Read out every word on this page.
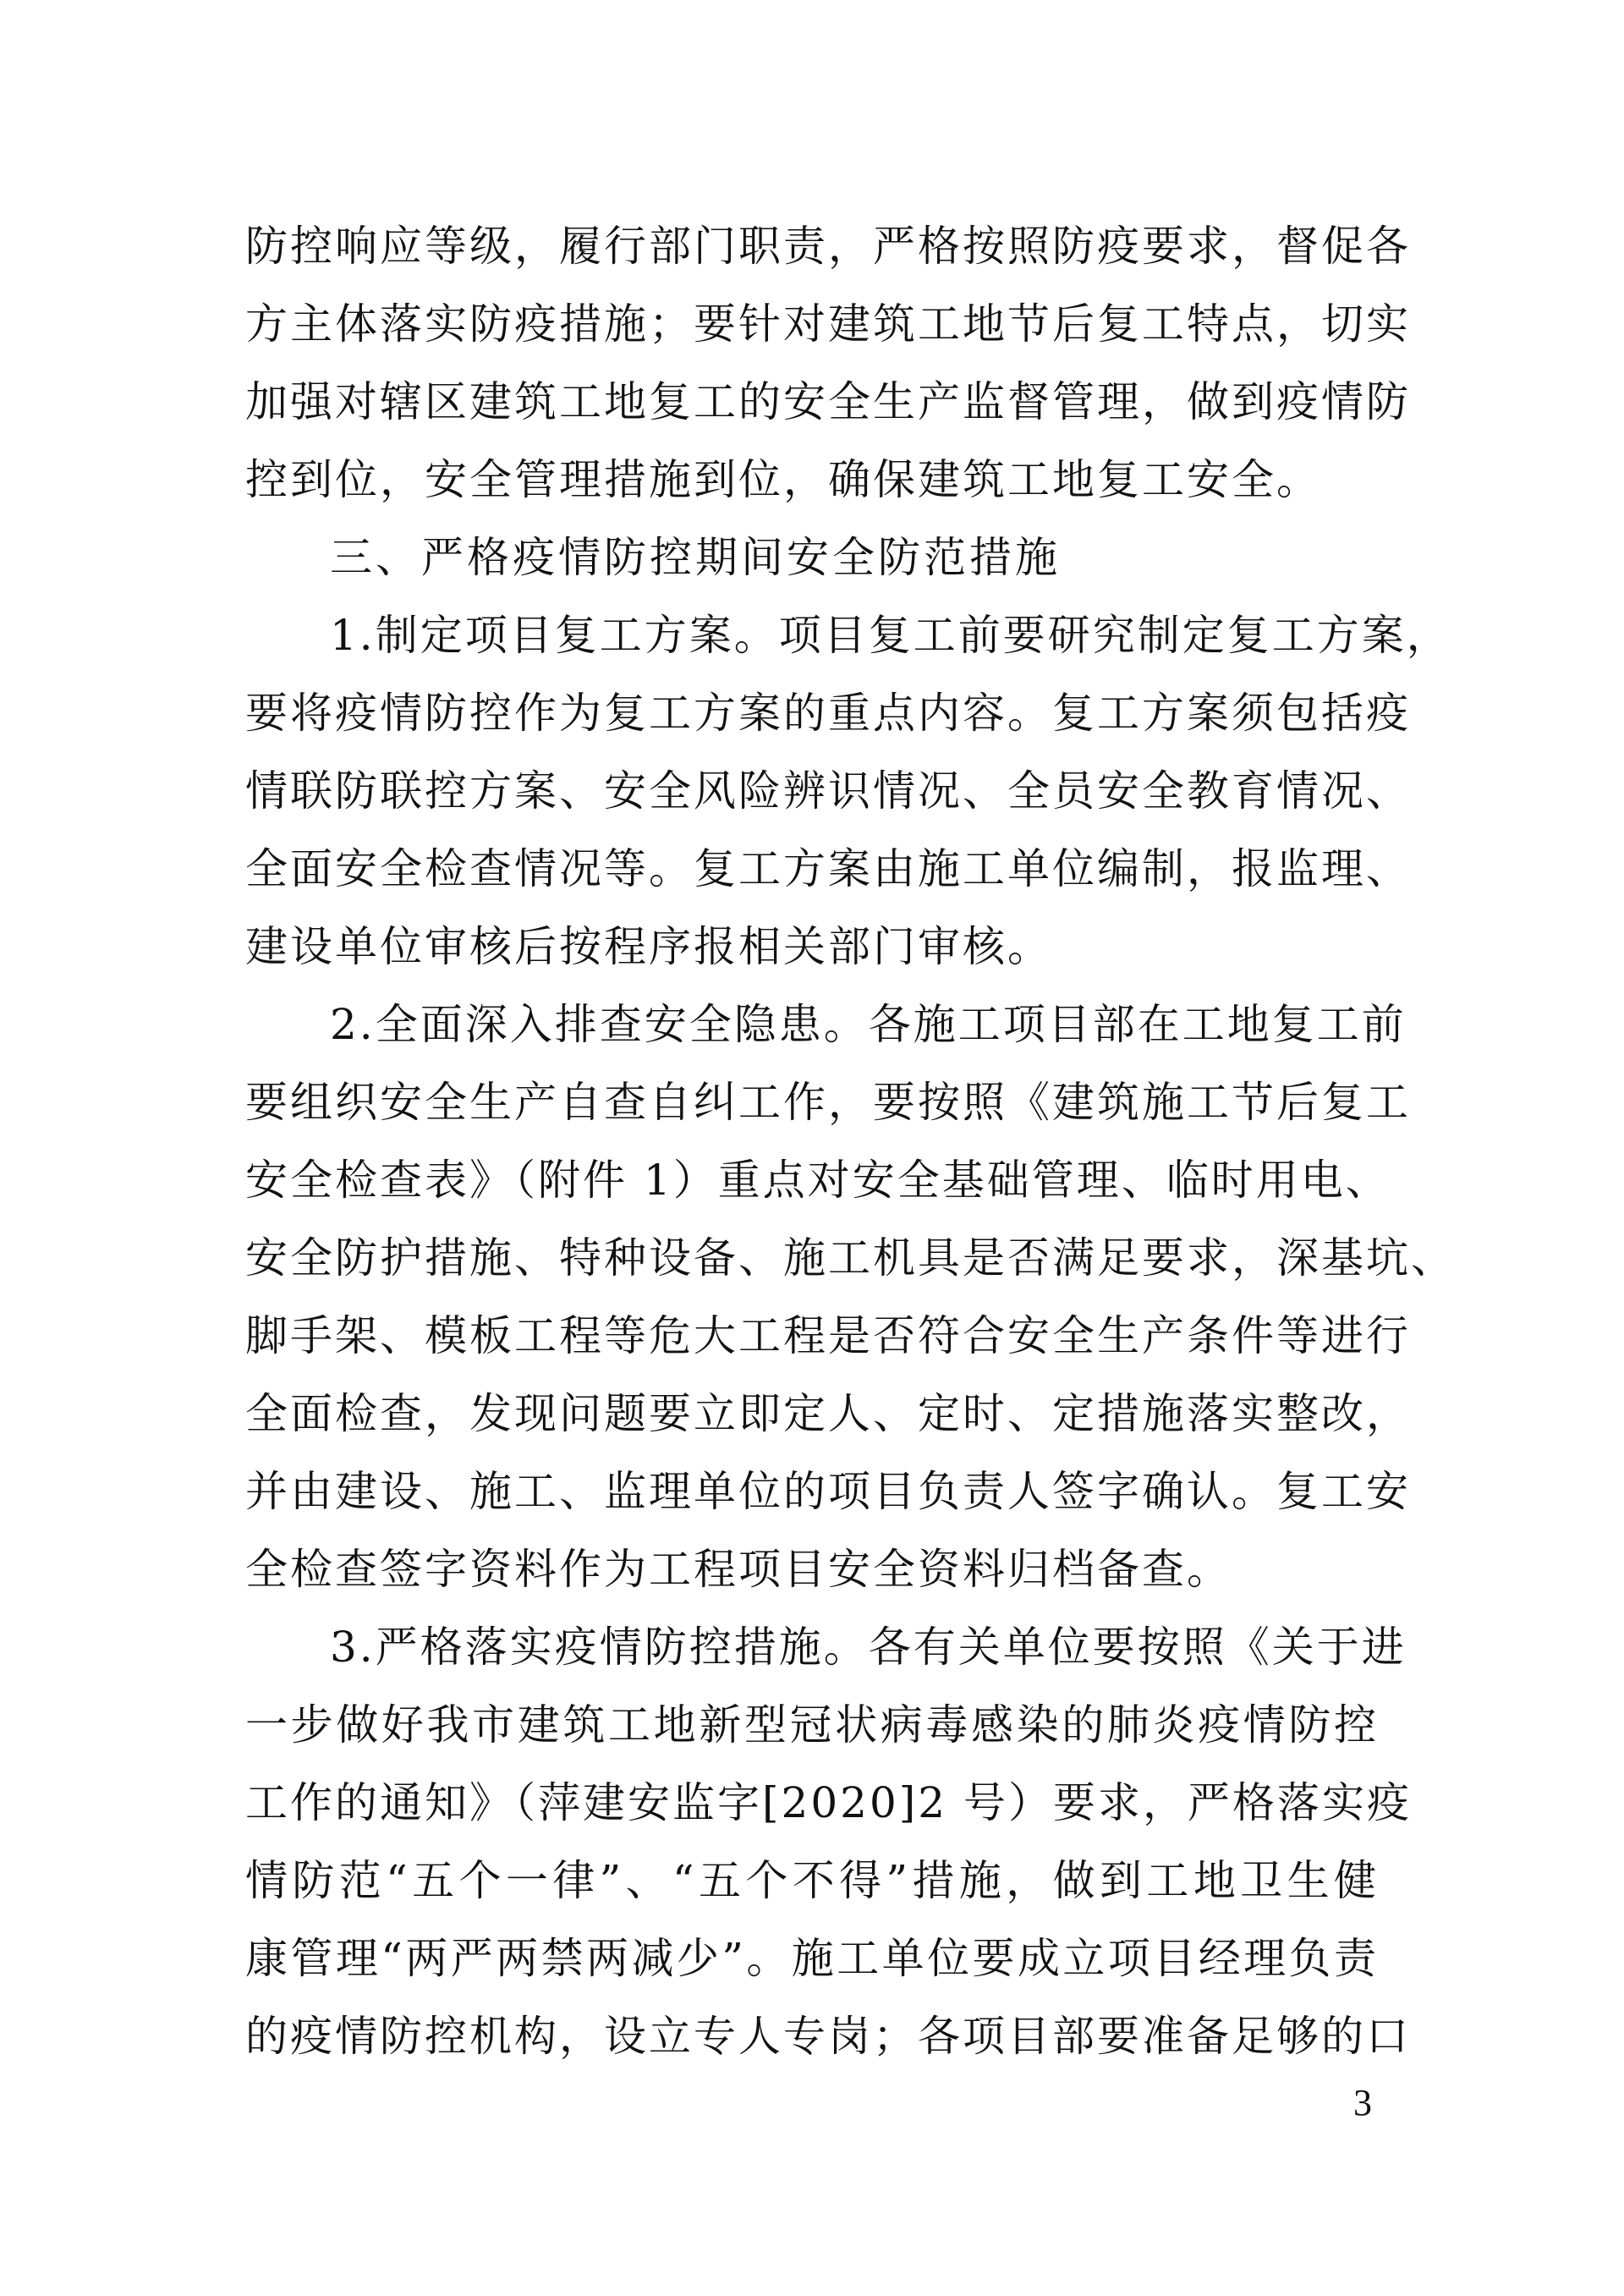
防控响应等级，履行部门职责，严格按照防疫要求，督促各
方主体落实防疫措施；要针对建筑工地节后复工特点，切实
加强对辖区建筑工地复工的安全生产监督管理，做到疫情防
控到位，安全管理措施到位，确保建筑工地复工安全。
三、严格疫情防控期间安全防范措施
1.制定项目复工方案。项目复工前要研究制定复工方案，
要将疫情防控作为复工方案的重点内容。复工方案须包括疫
情联防联控方案、安全风险辨识情况、全员安全教育情况、
全面安全检查情况等。复工方案由施工单位编制，报监理、
建设单位审核后按程序报相关部门审核。
2.全面深入排查安全隐患。各施工项目部在工地复工前
要组织安全生产自查自纠工作，要按照《建筑施工节后复工
安全检查表》（附件 1）重点对安全基础管理、临时用电、
安全防护措施、特种设备、施工机具是否满足要求，深基坑、
脚手架、模板工程等危大工程是否符合安全生产条件等进行
全面检查，发现问题要立即定人、定时、定措施落实整改，
并由建设、施工、监理单位的项目负责人签字确认。复工安
全检查签字资料作为工程项目安全资料归档备查。
3.严格落实疫情防控措施。各有关单位要按照《关于进
一步做好我市建筑工地新型冠状病毒感染的肺炎疫情防控
工作的通知》（萍建安监字[2020]2 号）要求，严格落实疫
情防范“五个一律”、“五个不得”措施，做到工地卫生健
康管理“两严两禁两减少”。施工单位要成立项目经理负责
的疫情防控机构，设立专人专岗；各项目部要准备足够的口
3
